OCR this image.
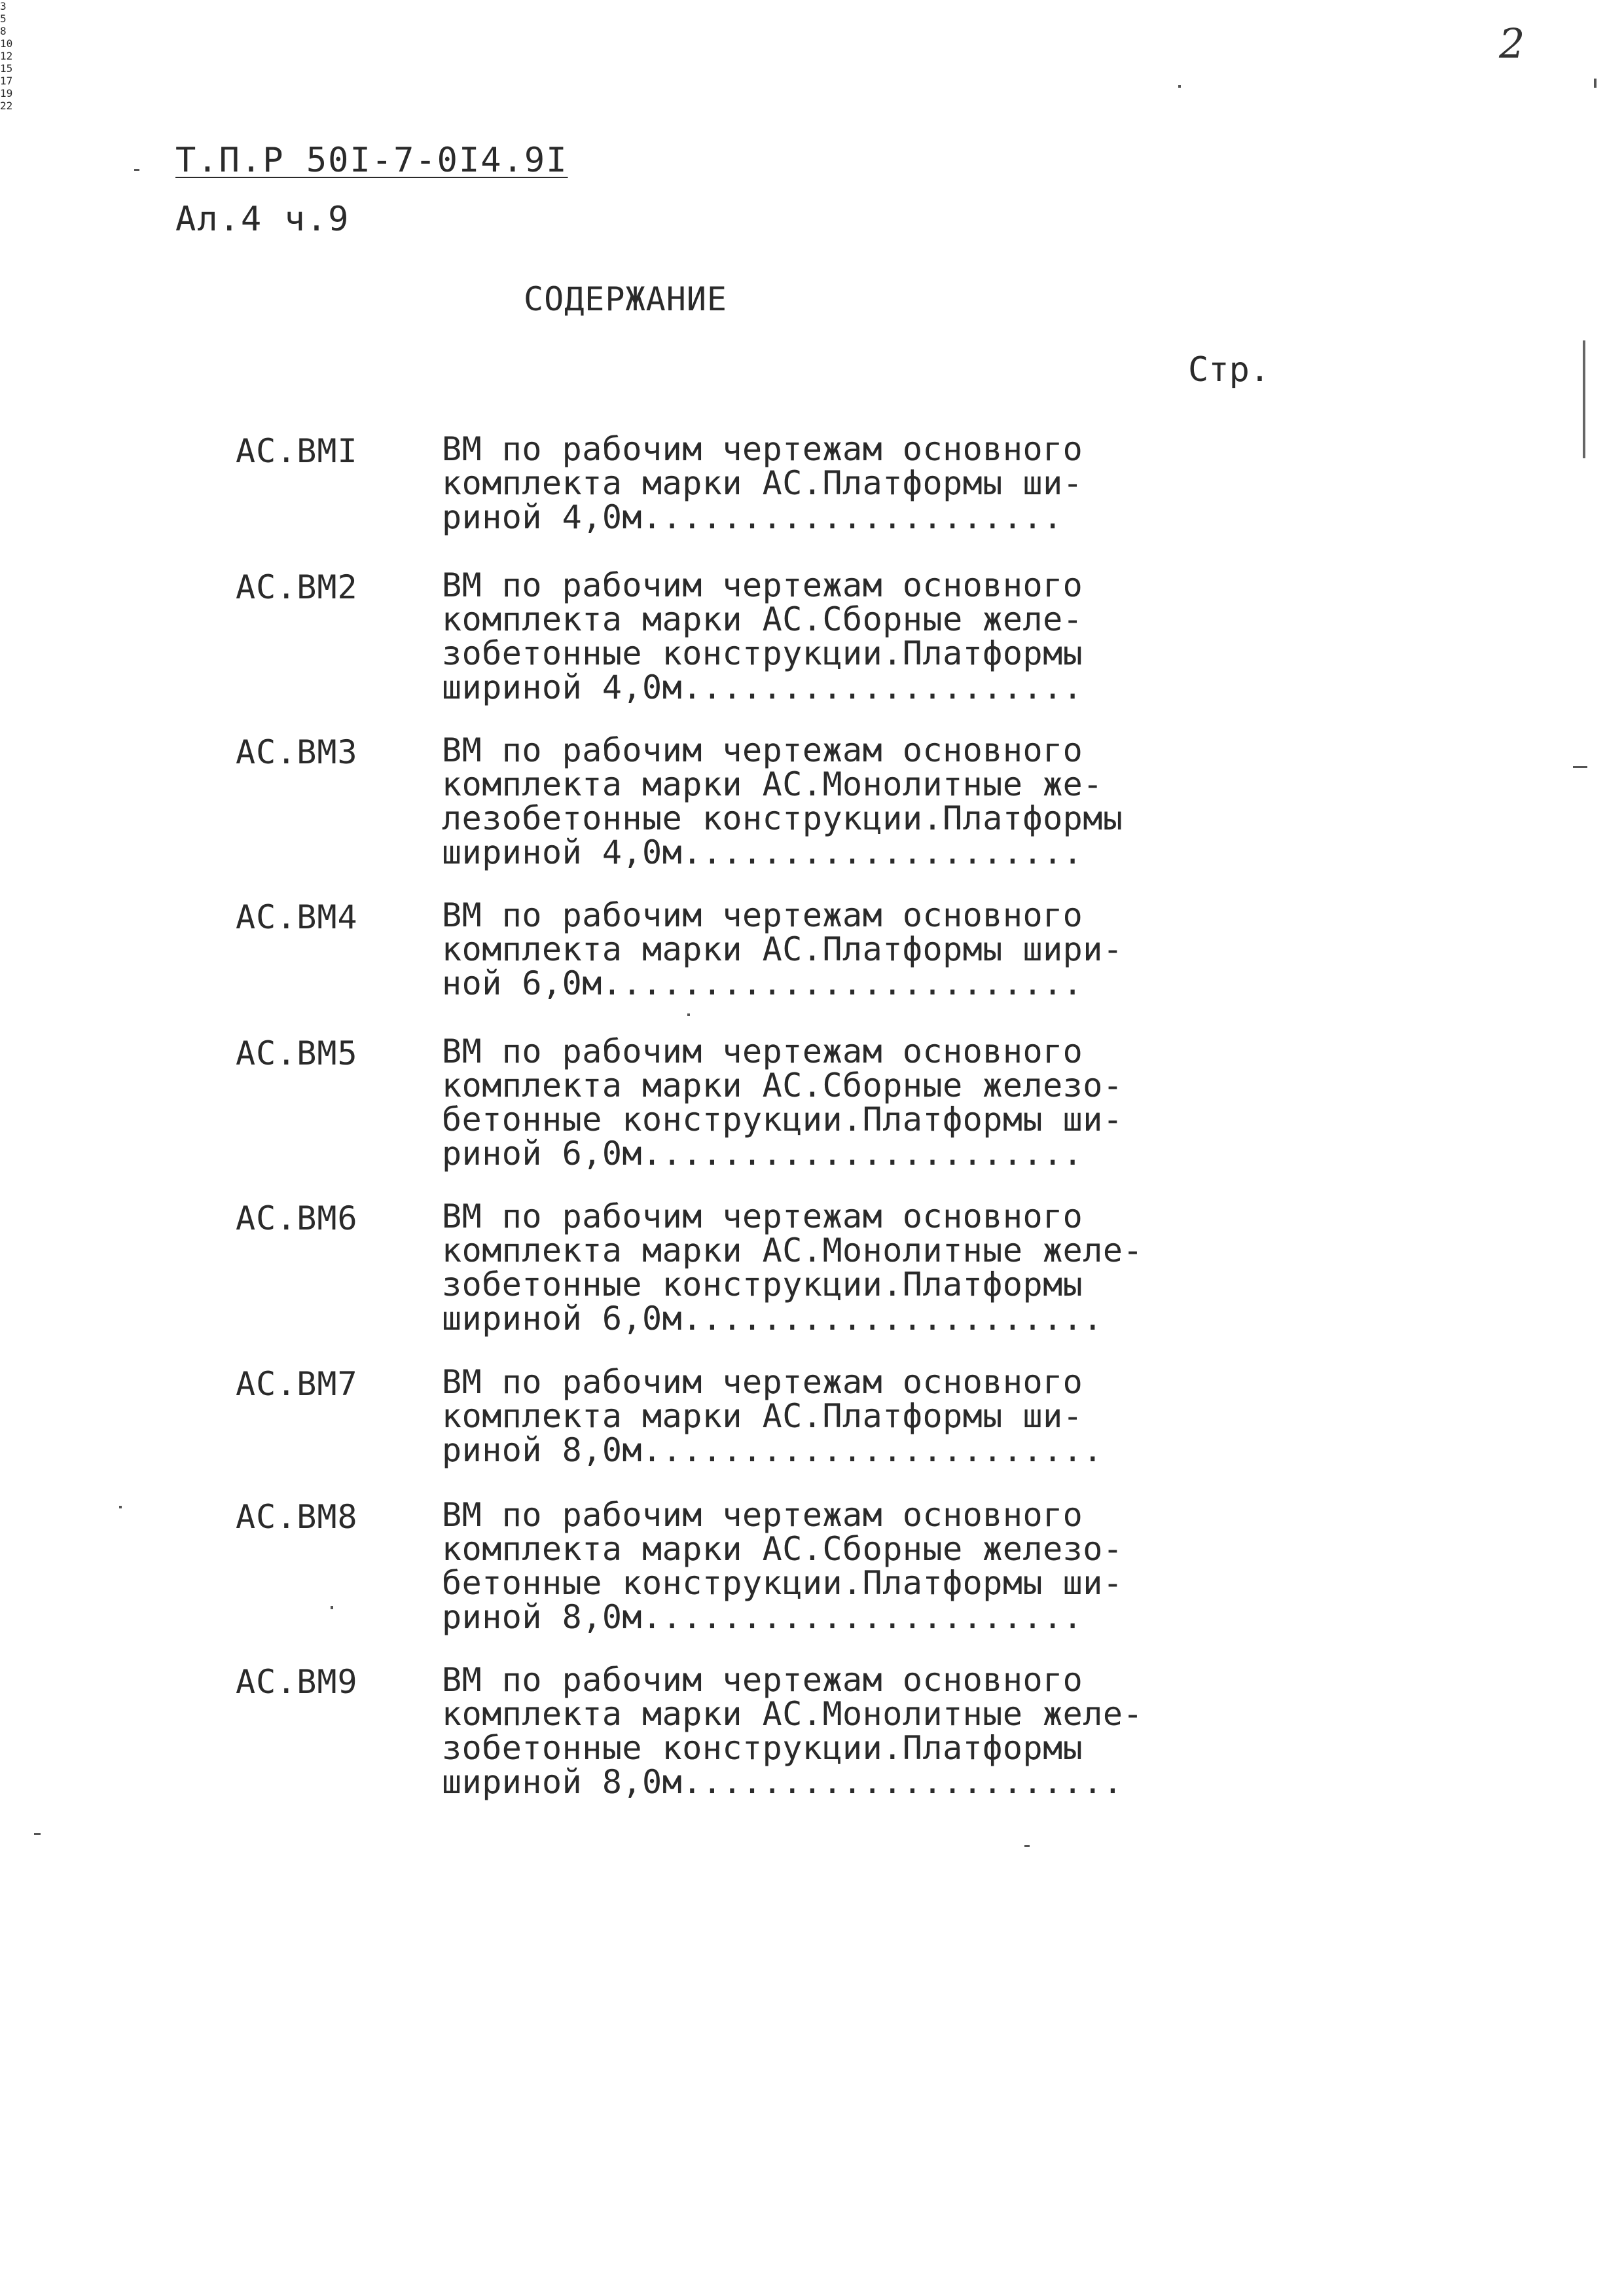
2
Т.П.Р 50I-7-0I4.9I
Ал.4 ч.9
СОДЕРЖАНИЕ
Стр.
АС.ВМI	ВМ по рабочим чертежам основного
комплекта марки АС.Платформы ши-
риной 4,0м.....................
3
АС.ВМ2	ВМ по рабочим чертежам основного
комплекта марки АС.Сборные желе-
зобетонные конструкции.Платформы
шириной 4,0м....................
5
АС.ВМ3	ВМ по рабочим чертежам основного
комплекта марки АС.Монолитные же-
лезобетонные конструкции.Платформы
шириной 4,0м....................
8
АС.ВМ4	ВМ по рабочим чертежам основного
комплекта марки АС.Платформы шири-
ной 6,0м........................
10
АС.ВМ5	ВМ по рабочим чертежам основного
комплекта марки АС.Сборные железо-
бетонные конструкции.Платформы ши-
риной 6,0м......................
12
АС.ВМ6	ВМ по рабочим чертежам основного
комплекта марки АС.Монолитные желе-
зобетонные конструкции.Платформы
шириной 6,0м.....................
15
АС.ВМ7	ВМ по рабочим чертежам основного
комплекта марки АС.Платформы ши-
риной 8,0м.......................
17
АС.ВМ8	ВМ по рабочим чертежам основного
комплекта марки АС.Сборные железо-
бетонные конструкции.Платформы ши-
риной 8,0м......................
19
АС.ВМ9	ВМ по рабочим чертежам основного
комплекта марки АС.Монолитные желе-
зобетонные конструкции.Платформы
шириной 8,0м......................
22
